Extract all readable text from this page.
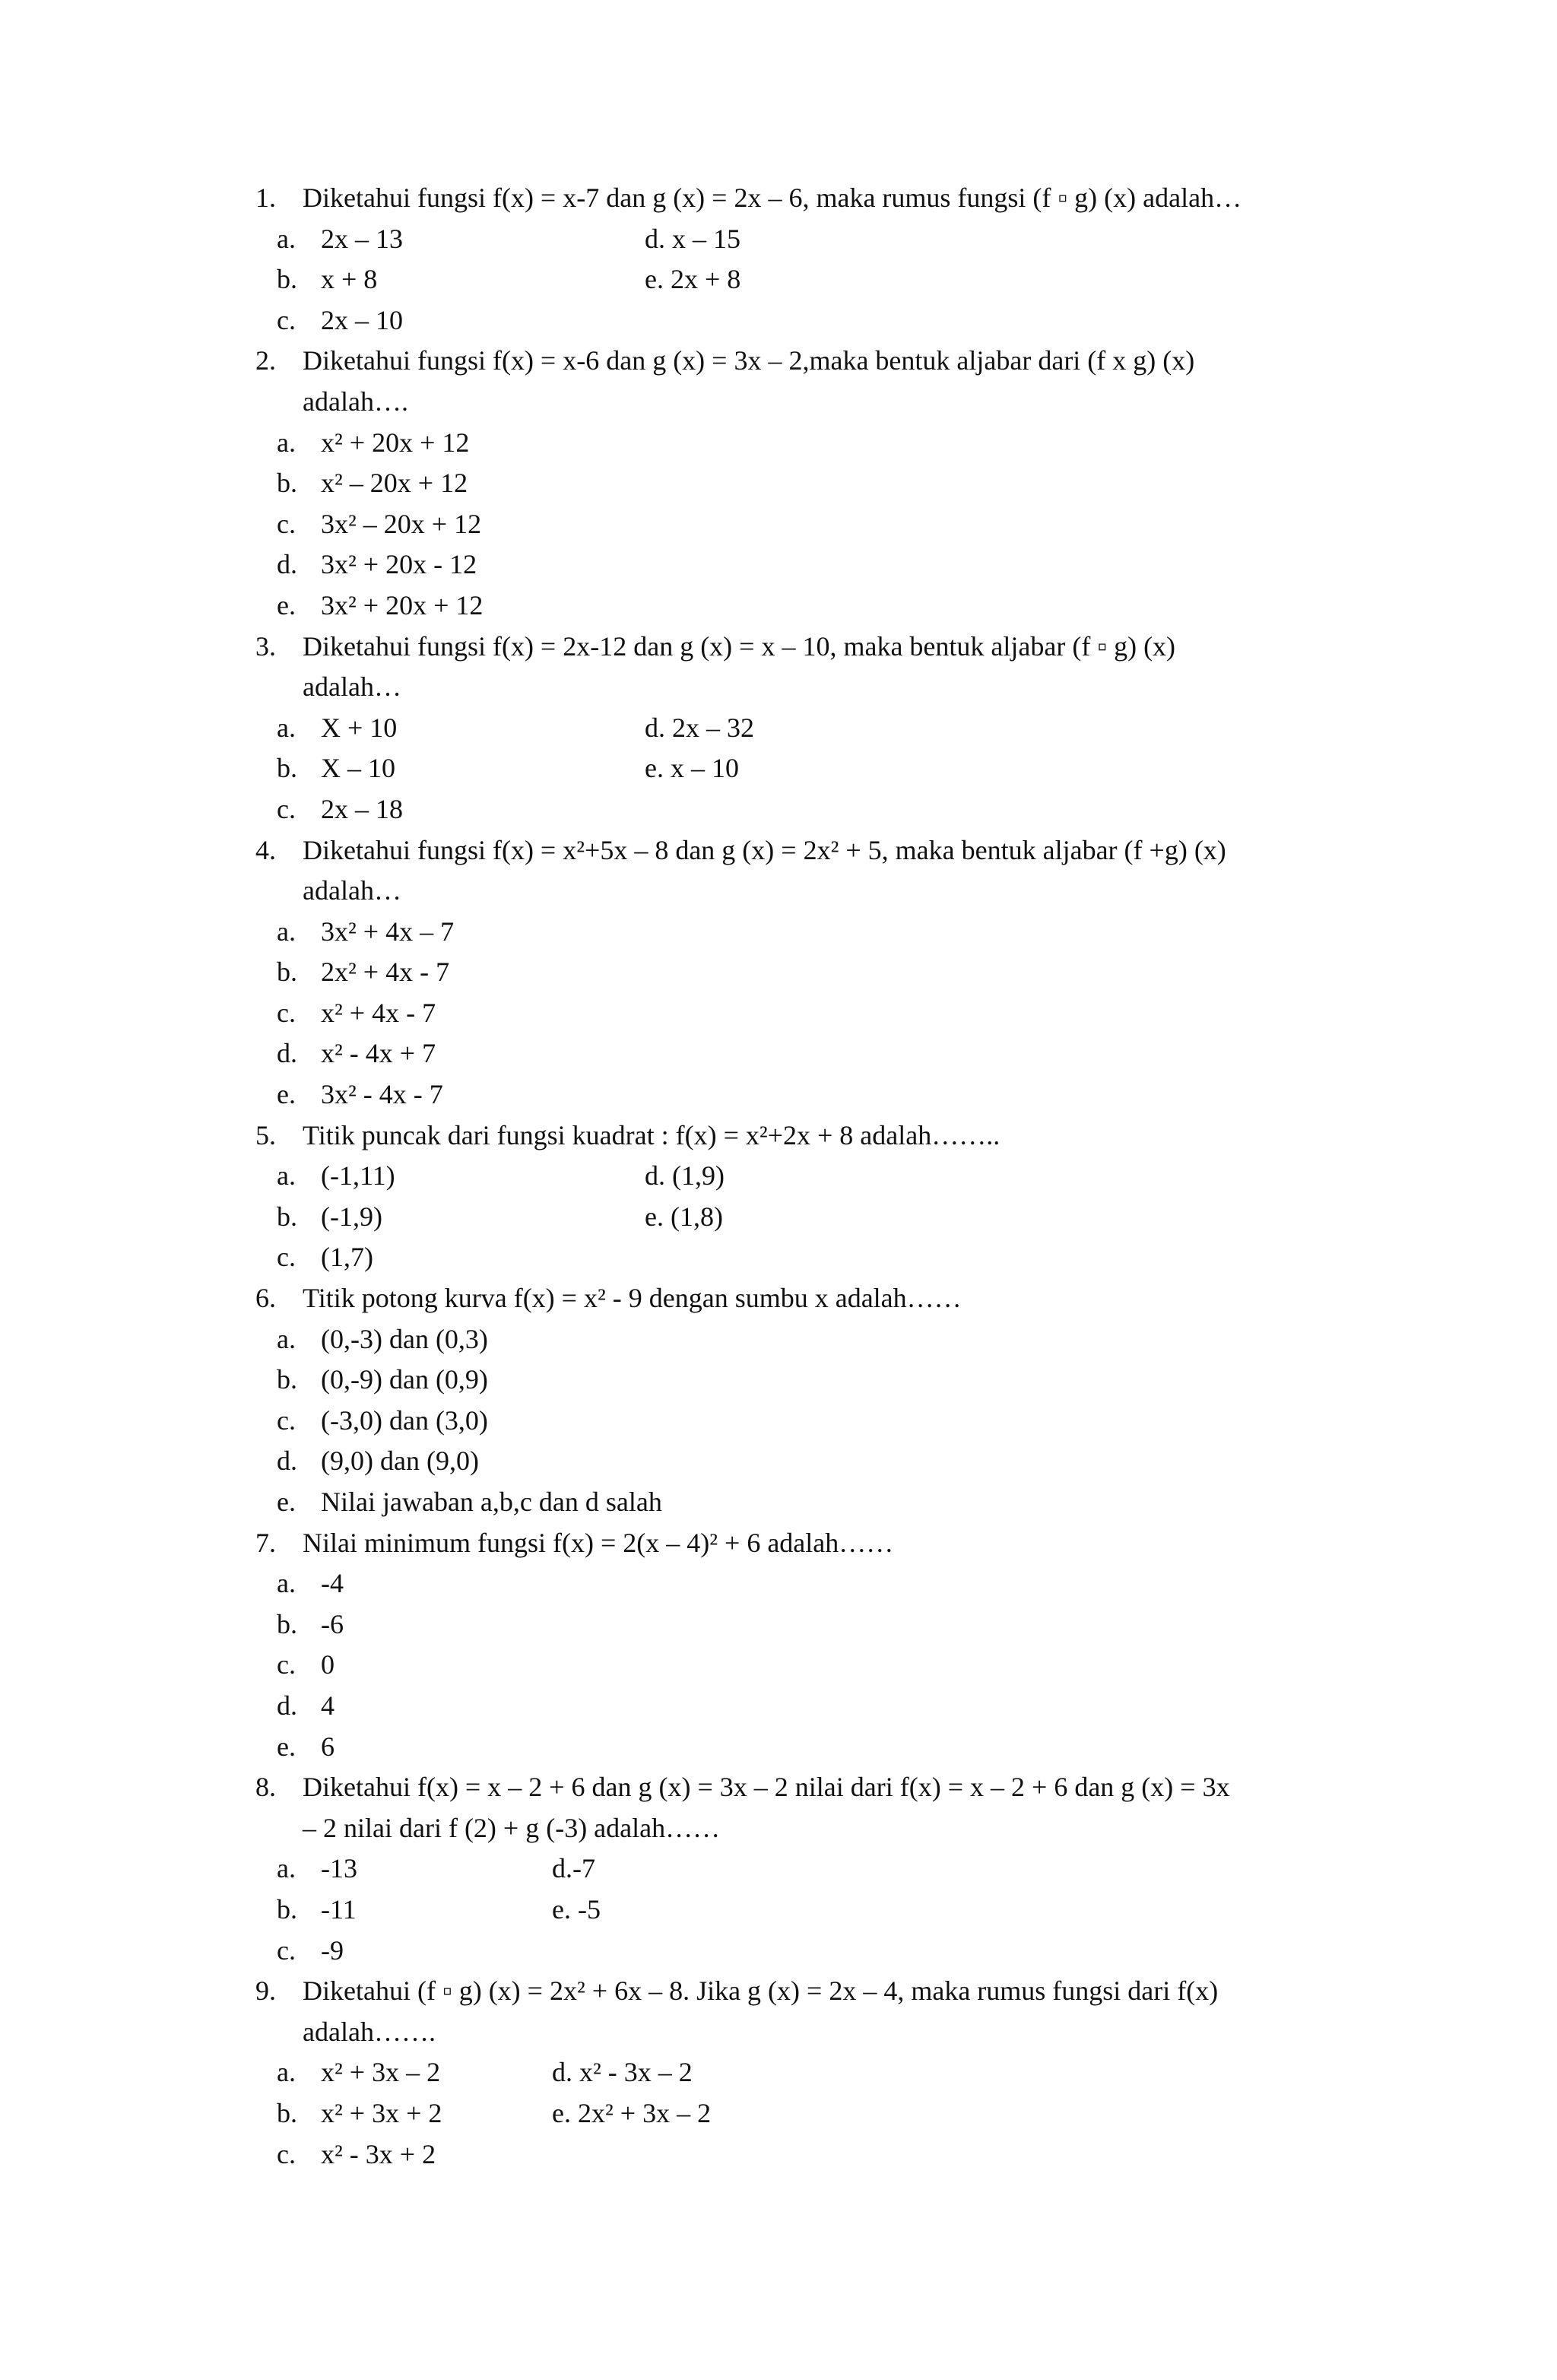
1. Diketahui fungsi f(x) = x-7 dan g (x) = 2x – 6, maka rumus fungsi (f ▫ g) (x) adalah…
a. 2x – 13	d. x – 15
b. x + 8	e. 2x + 8
c. 2x – 10
2. Diketahui fungsi f(x) = x-6 dan g (x) = 3x – 2,maka bentuk aljabar dari (f x g) (x)
adalah….
a. x² + 20x + 12
b. x² – 20x + 12
c. 3x² – 20x + 12
d. 3x² + 20x - 12
e. 3x² + 20x + 12
3. Diketahui fungsi f(x) = 2x-12 dan g (x) = x – 10, maka bentuk aljabar (f ▫ g) (x)
adalah…
a. X + 10	d. 2x – 32
b. X – 10	e. x – 10
c. 2x – 18
4. Diketahui fungsi f(x) = x²+5x – 8 dan g (x) = 2x² + 5, maka bentuk aljabar (f +g) (x)
adalah…
a. 3x² + 4x – 7
b. 2x² + 4x - 7
c. x² + 4x - 7
d. x² - 4x + 7
e. 3x² - 4x - 7
5. Titik puncak dari fungsi kuadrat : f(x) = x²+2x + 8 adalah……..
a. (-1,11)	d. (1,9)
b. (-1,9)	e. (1,8)
c. (1,7)
6. Titik potong kurva f(x) = x² - 9 dengan sumbu x adalah……
a. (0,-3) dan (0,3)
b. (0,-9) dan (0,9)
c. (-3,0) dan (3,0)
d. (9,0) dan (9,0)
e. Nilai jawaban a,b,c dan d salah
7. Nilai minimum fungsi f(x) = 2(x – 4)² + 6 adalah……
a. -4
b. -6
c. 0
d. 4
e. 6
8. Diketahui f(x) = x – 2 + 6 dan g (x) = 3x – 2 nilai dari f(x) = x – 2 + 6 dan g (x) = 3x
– 2 nilai dari f (2) + g (-3) adalah……
a. -13	d.-7
b. -11	e. -5
c. -9
9. Diketahui (f ▫ g) (x) = 2x² + 6x – 8. Jika g (x) = 2x – 4, maka rumus fungsi dari f(x)
adalah…….
a. x² + 3x – 2	d. x² - 3x – 2
b. x² + 3x + 2	e. 2x² + 3x – 2
c. x² - 3x + 2
